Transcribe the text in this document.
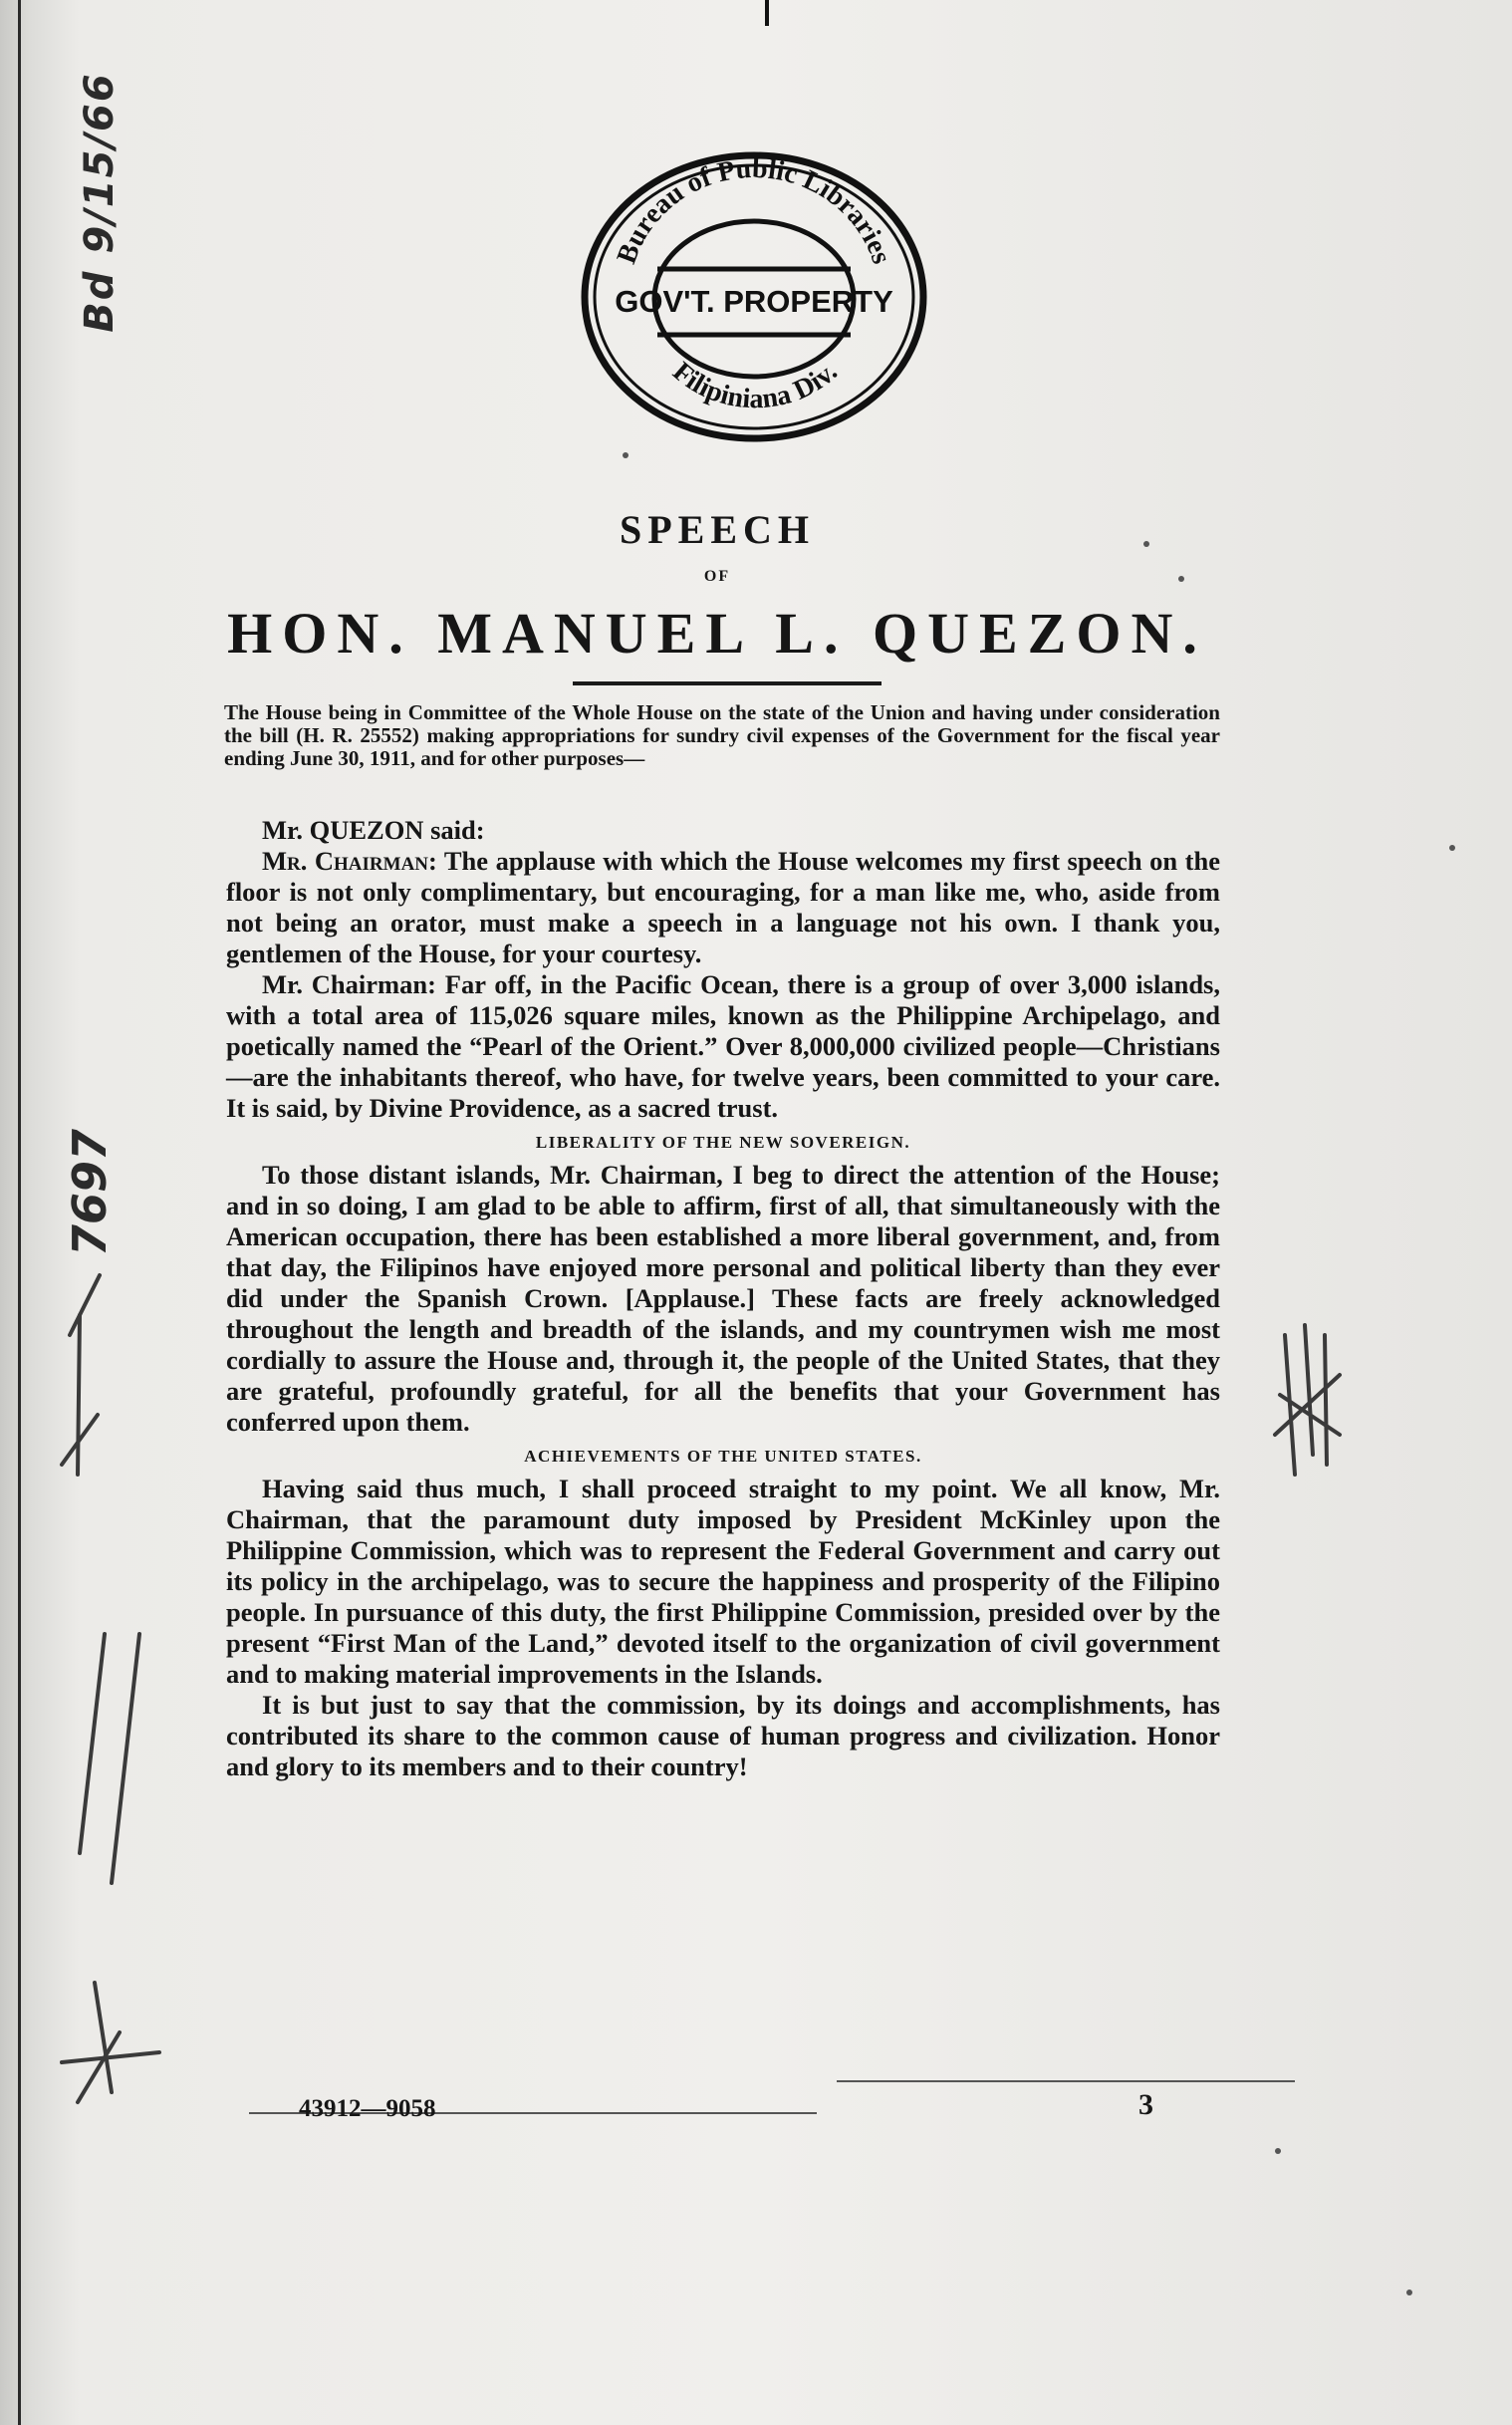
Bd 9/15/66
7697
Bureau of Public Libraries
GOV'T. PROPERTY
Filipiniana Div.
SPEECH
OF
HON. MANUEL L. QUEZON.
The House being in Committee of the Whole House on the state of the Union and having under consideration the bill (H. R. 25552) making appropriations for sundry civil expenses of the Government for the fiscal year ending June 30, 1911, and for other purposes—

Mr. QUEZON said:

Mr. Chairman: The applause with which the House welcomes my first speech on the floor is not only complimentary, but encouraging, for a man like me, who, aside from not being an orator, must make a speech in a language not his own. I thank you, gentlemen of the House, for your courtesy.

Mr. Chairman: Far off, in the Pacific Ocean, there is a group of over 3,000 islands, with a total area of 115,026 square miles, known as the Philippine Archipelago, and poetically named the “Pearl of the Orient.” Over 8,000,000 civilized people—Christians—are the inhabitants thereof, who have, for twelve years, been committed to your care. It is said, by Divine Providence, as a sacred trust.

LIBERALITY OF THE NEW SOVEREIGN.

To those distant islands, Mr. Chairman, I beg to direct the attention of the House; and in so doing, I am glad to be able to affirm, first of all, that simultaneously with the American occupation, there has been established a more liberal government, and, from that day, the Filipinos have enjoyed more personal and political liberty than they ever did under the Spanish Crown. [Applause.] These facts are freely acknowledged throughout the length and breadth of the islands, and my countrymen wish me most cordially to assure the House and, through it, the people of the United States, that they are grateful, profoundly grateful, for all the benefits that your Government has conferred upon them.

ACHIEVEMENTS OF THE UNITED STATES.

Having said thus much, I shall proceed straight to my point. We all know, Mr. Chairman, that the paramount duty imposed by President McKinley upon the Philippine Commission, which was to represent the Federal Government and carry out its policy in the archipelago, was to secure the happiness and prosperity of the Filipino people. In pursuance of this duty, the first Philippine Commission, presided over by the present “First Man of the Land,” devoted itself to the organization of civil government and to making material improvements in the Islands.

It is but just to say that the commission, by its doings and accomplishments, has contributed its share to the common cause of human progress and civilization. Honor and glory to its members and to their country!

43912—9058	3
